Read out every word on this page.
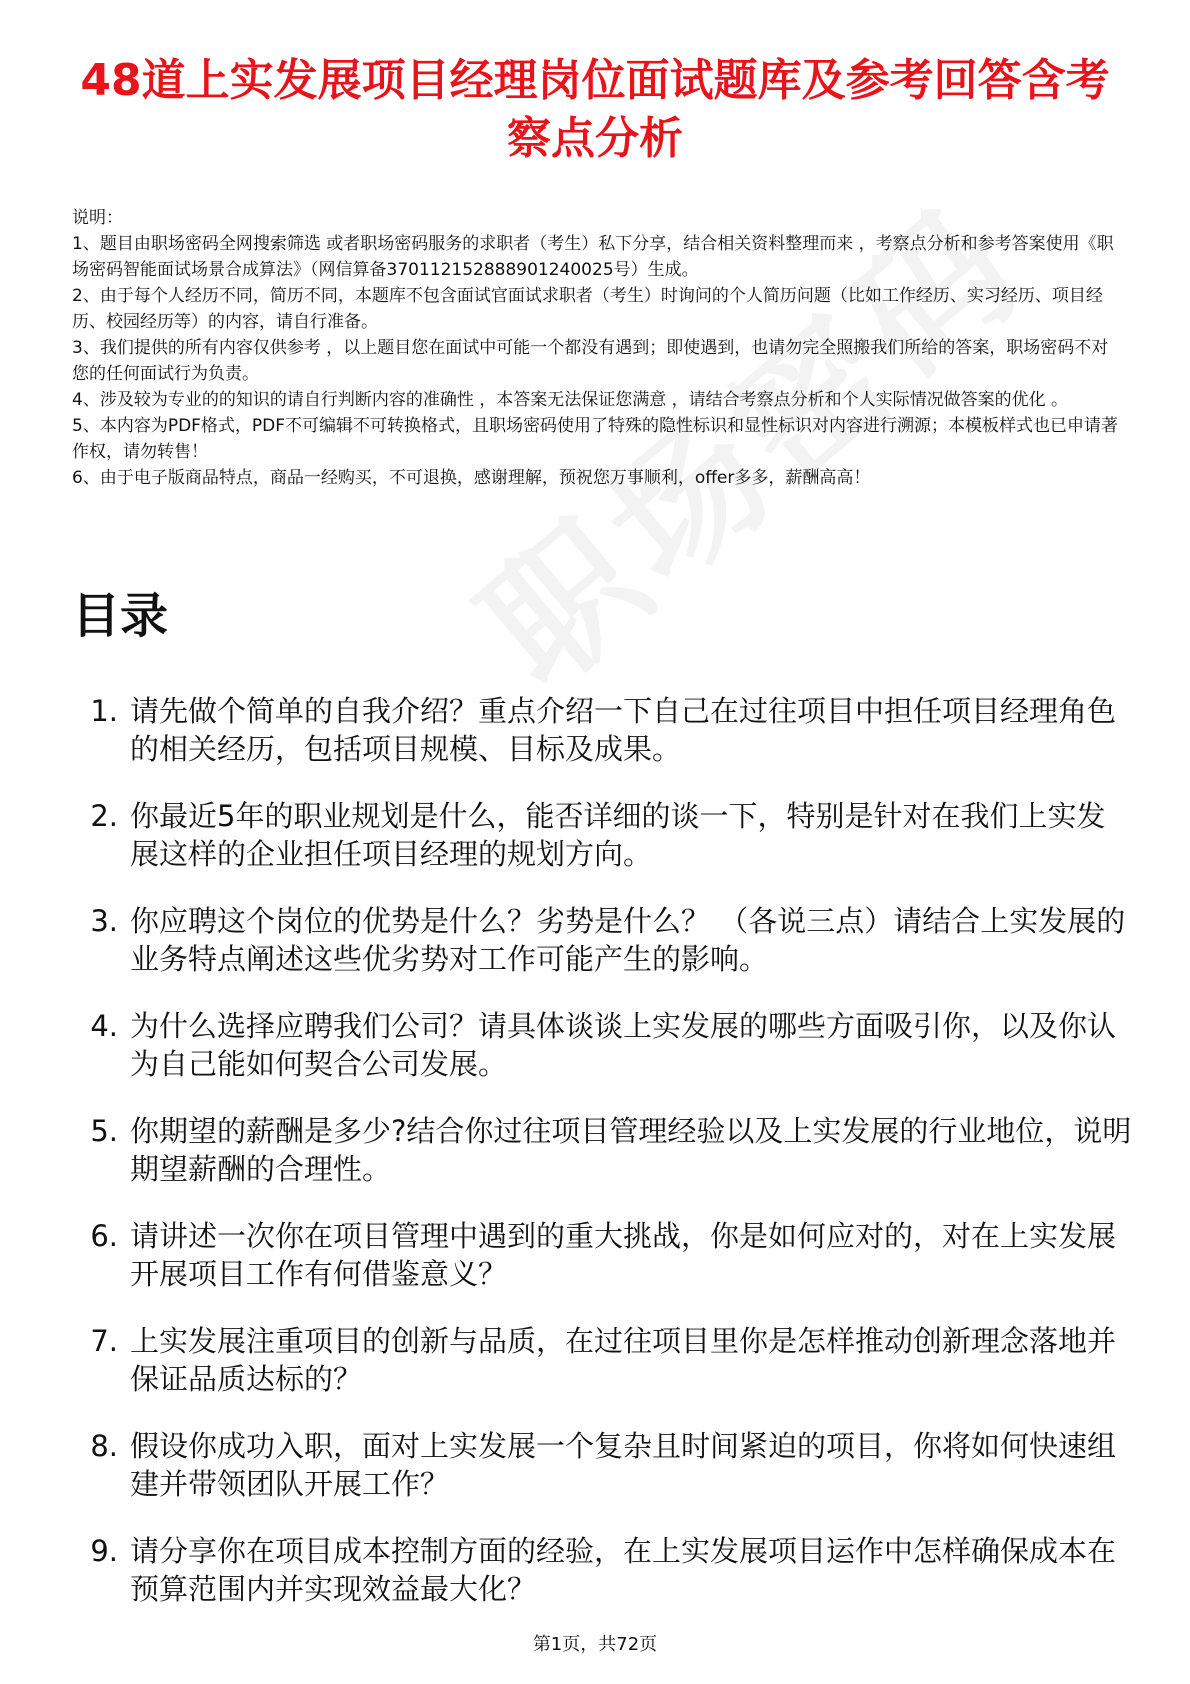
48道上实发展项目经理岗位面试题库及参考回答含考察点分析

说明：

1、题目由职场密码全网搜索筛选 或者职场密码服务的求职者（考生）私下分享，结合相关资料整理而来 ，考察点分析和参考答案使用《职场密码智能面试场景合成算法》（网信算备370112152888901240025号）生成。

2、由于每个人经历不同，简历不同，本题库不包含面试官面试求职者（考生）时询问的个人简历问题（比如工作经历、实习经历、项目经历、校园经历等）的内容，请自行准备。

3、我们提供的所有内容仅供参考 ，以上题目您在面试中可能一个都没有遇到；即使遇到，也请勿完全照搬我们所给的答案，职场密码不对您的任何面试行为负责。

4、涉及较为专业的的知识的请自行判断内容的准确性 ，本答案无法保证您满意 ，请结合考察点分析和个人实际情况做答案的优化 。

5、本内容为PDF格式，PDF不可编辑不可转换格式，且职场密码使用了特殊的隐性标识和显性标识对内容进行溯源；本模板样式也已申请著作权，请勿转售！

6、由于电子版商品特点，商品一经购买，不可退换，感谢理解，预祝您万事顺利，offer多多，薪酬高高！

目录
1. 请先做个简单的自我介绍？重点介绍一下自己在过往项目中担任项目经理角色的相关经历，包括项目规模、目标及成果。
2. 你最近5年的职业规划是什么，能否详细的谈一下，特别是针对在我们上实发展这样的企业担任项目经理的规划方向。
3. 你应聘这个岗位的优势是什么？劣势是什么？ （各说三点）请结合上实发展的业务特点阐述这些优劣势对工作可能产生的影响。
4. 为什么选择应聘我们公司？请具体谈谈上实发展的哪些方面吸引你，以及你认为自己能如何契合公司发展。
5. 你期望的薪酬是多少?结合你过往项目管理经验以及上实发展的行业地位，说明期望薪酬的合理性。
6. 请讲述一次你在项目管理中遇到的重大挑战，你是如何应对的，对在上实发展开展项目工作有何借鉴意义？
7. 上实发展注重项目的创新与品质，在过往项目里你是怎样推动创新理念落地并保证品质达标的？
8. 假设你成功入职，面对上实发展一个复杂且时间紧迫的项目，你将如何快速组建并带领团队开展工作？
9. 请分享你在项目成本控制方面的经验，在上实发展项目运作中怎样确保成本在预算范围内并实现效益最大化？
第1页，共72页
